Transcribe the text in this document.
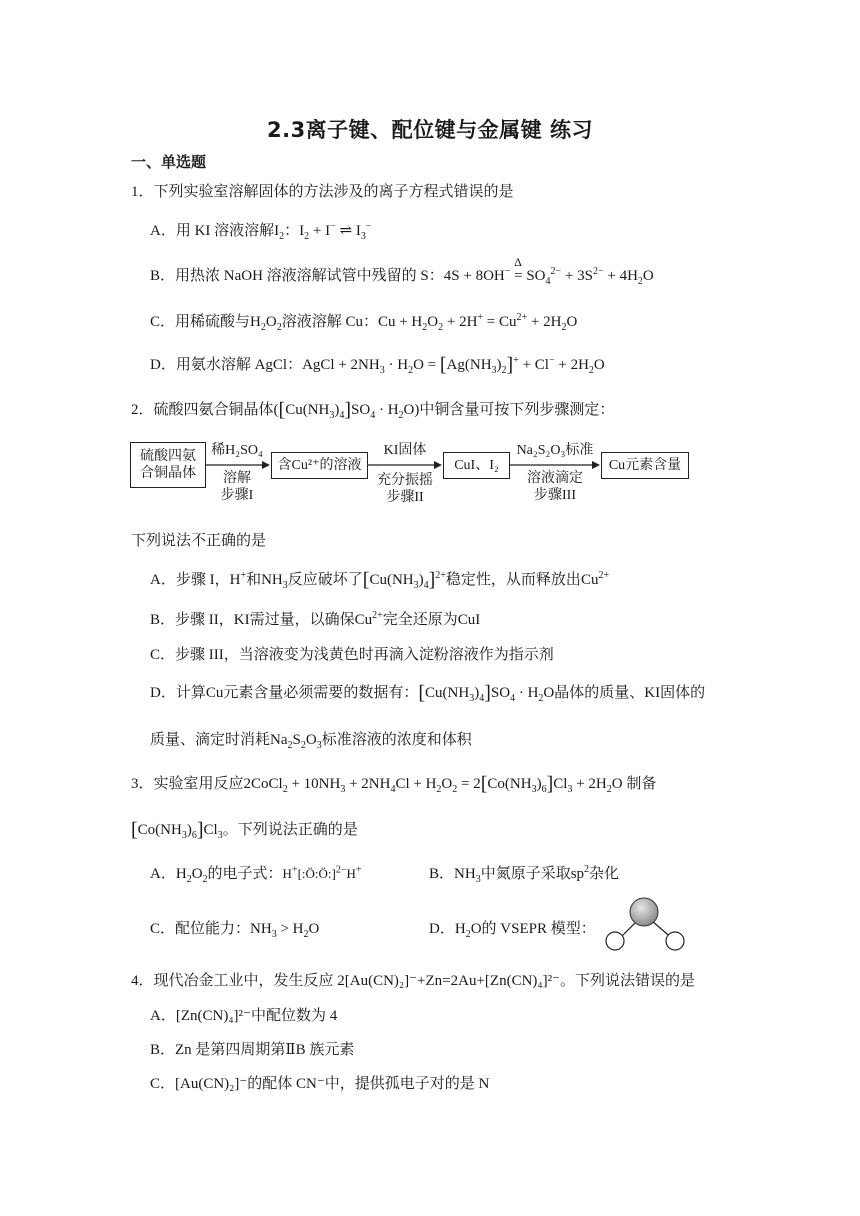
2.3离子键、配位键与金属键 练习
一、单选题
1．下列实验室溶解固体的方法涉及的离子方程式错误的是
A．用 KI 溶液溶解$I_2$：$I_2 + I^-$ ⇌ $I_3^-$
B．用热浓 NaOH 溶液溶解试管中残留的 S：4S + 8OH− =
Δ
$SO_4^{2-} + 3S^{2-} + 4H_2O$
C．用稀硫酸与$H_2O_2$溶液溶解 Cu：$Cu + H_2O_2 + 2H^+ = Cu^{2+} + 2H_2O$
D．用氨水溶解 AgCl：AgCl + $2NH_3 \cdot H_2O = [Ag(NH_3)_2]^+ + Cl^- + 2H_2O$
2．硫酸四氨合铜晶体$([Cu(NH_3)_4]SO_4 \cdot H_2O)$中铜含量可按下列步骤测定：
硫酸四氨合铜晶体
稀H₂SO₄
溶解
步骤I
含Cu²⁺的溶液
KI固体
充分振摇
步骤II
CuI、I₂
Na₂S₂O₃标准
溶液滴定
步骤III
Cu元素含量
下列说法不正确的是
A．步骤 I，H+和$NH_3$反应破坏了$[Cu(NH_3)_4]^{2+}$稳定性，从而释放出$Cu^{2+}$
B．步骤 II，KI需过量，以确保$Cu^{2+}$完全还原为CuI
C．步骤 III，当溶液变为浅黄色时再滴入淀粉溶液作为指示剂
D．计算Cu元素含量必须需要的数据有：$[Cu(NH_3)_4]SO_4 \cdot H_2O$晶体的质量、KI固体的
质量、滴定时消耗$Na_2S_2O_3$标准溶液的浓度和体积
3．实验室用反应2CoCl$_2$ + $10NH_3 + 2NH_4Cl + H_2O_2 = 2[Co(NH_3)_6]Cl_3 + 2H_2O$ 制备
$[Co(NH_3)_6]Cl_3$。下列说法正确的是
A．$H_2O_2$的电子式：H+[:Ö:Ö:]$^{2-}$H+	B．$NH_3$中氮原子采取$sp^2$杂化
C．配位能力：$NH_3 > H_2O$	D．$H_2O$的 VSEPR 模型：
4．现代冶金工业中，发生反应 2[Au(CN)₂]⁻+Zn=2Au+[Zn(CN)₄]²⁻。下列说法错误的是
A．[Zn(CN)₄]²⁻中配位数为 4
B．Zn 是第四周期第ⅡB 族元素
C．[Au(CN)₂]⁻的配体 CN⁻中，提供孤电子对的是 N
